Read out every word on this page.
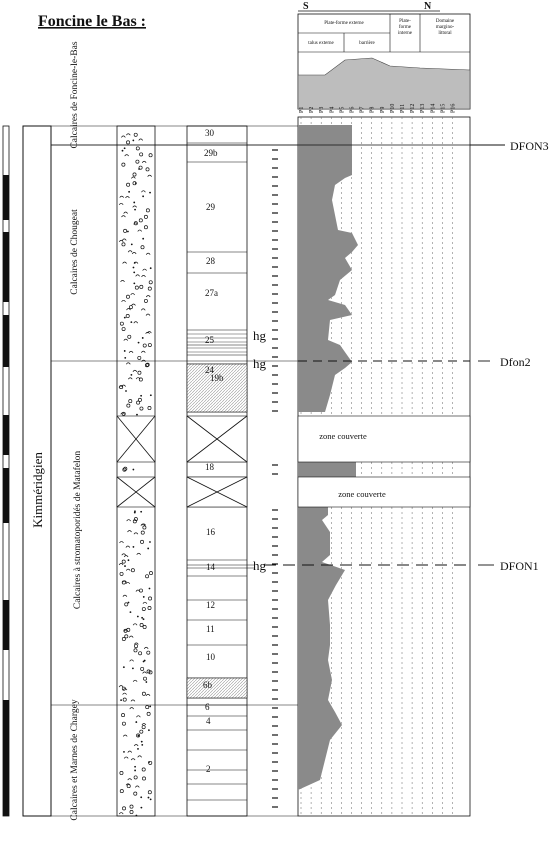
Foncine le Bas :
S	N
Plate-forme externe
talus externe	barrière
Plate-forme interne
Domaine margino-littoral
P1 P2 P3 P4 P5 P6 P7 P8 P9 P10 P11 P12 P13 P14 P15 P16
Kimméridgien
Calcaires de Foncine-le-Bas
Calcaires de Chougeat
Calcaires à stromatoporidés de Matafelon
Calcaires et Marnes de Chargey
30
29b
29
28
27a
25
24
19b
18
16
14
12
11
10
6b
6
4
2
hg
hg
hg
zone couverte
zone couverte
DFON3
Dfon2
DFON1
